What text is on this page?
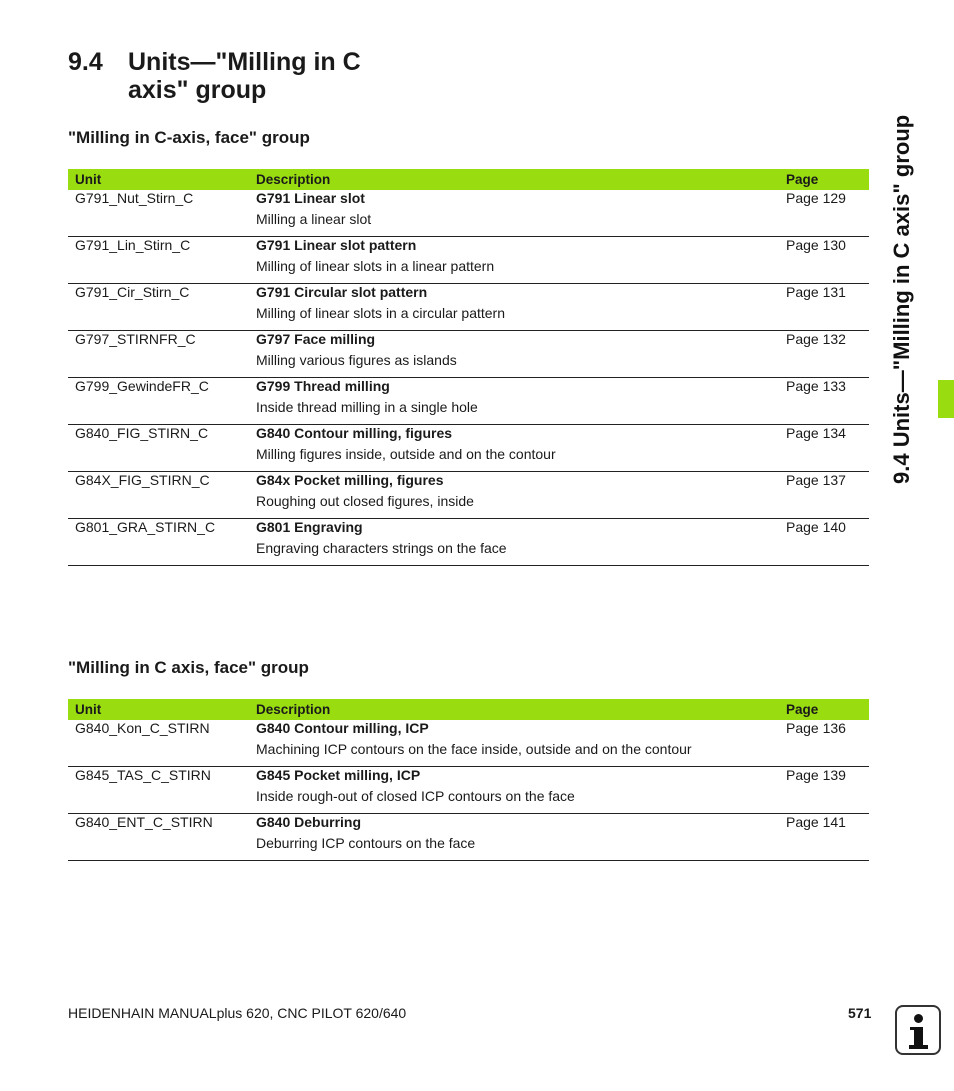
9.4	Units—"Milling in C axis" group
"Milling in C-axis, face" group
Unit	Description	Page
G791_Nut_Stirn_C	G791 Linear slot	Page 129
	Milling a linear slot	
G791_Lin_Stirn_C	G791 Linear slot pattern	Page 130
	Milling of linear slots in a linear pattern	
G791_Cir_Stirn_C	G791 Circular slot pattern	Page 131
	Milling of linear slots in a circular pattern	
G797_STIRNFR_C	G797 Face milling	Page 132
	Milling various figures as islands	
G799_GewindeFR_C	G799 Thread milling	Page 133
	Inside thread milling in a single hole	
G840_FIG_STIRN_C	G840 Contour milling, figures	Page 134
	Milling figures inside, outside and on the contour	
G84X_FIG_STIRN_C	G84x Pocket milling, figures	Page 137
	Roughing out closed figures, inside	
G801_GRA_STIRN_C	G801 Engraving	Page 140
	Engraving characters strings on the face	
"Milling in C axis, face" group
Unit	Description	Page
G840_Kon_C_STIRN	G840 Contour milling, ICP	Page 136
	Machining ICP contours on the face inside, outside and on the contour	
G845_TAS_C_STIRN	G845 Pocket milling, ICP	Page 139
	Inside rough-out of closed ICP contours on the face	
G840_ENT_C_STIRN	G840 Deburring	Page 141
	Deburring ICP contours on the face	
9.4 Units—"Milling in C axis" group
HEIDENHAIN MANUALplus 620, CNC PILOT 620/640	571
